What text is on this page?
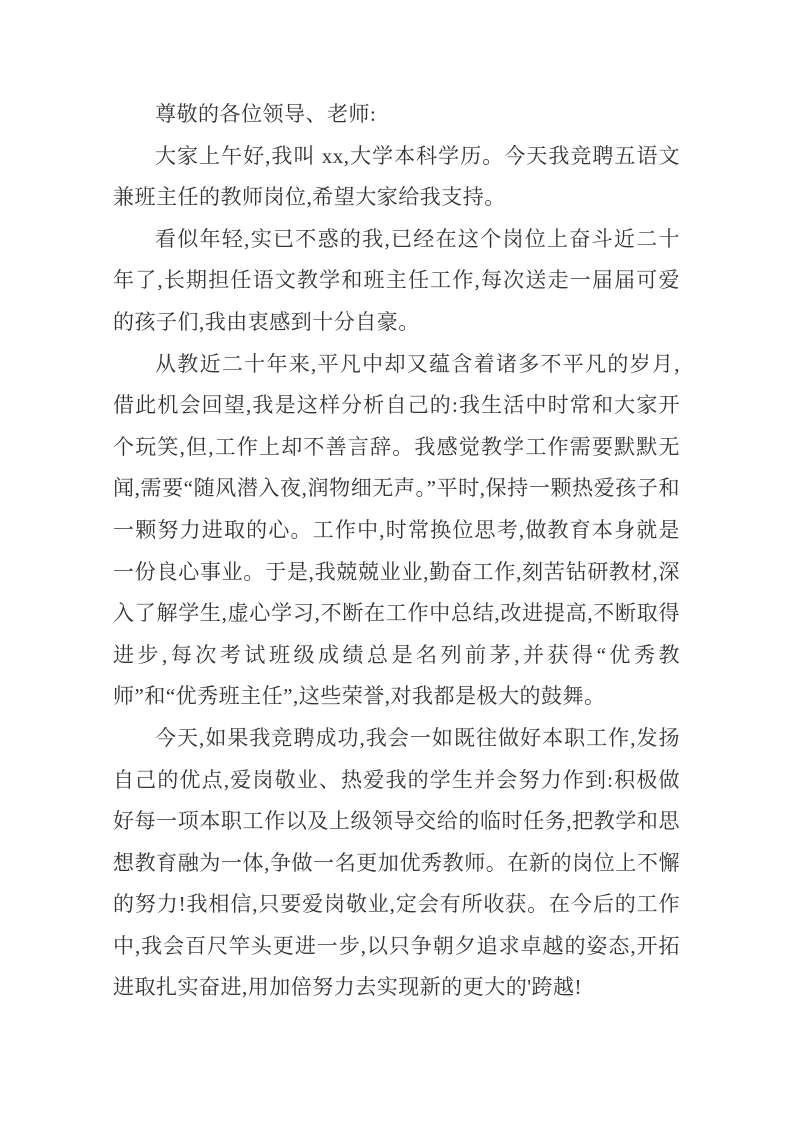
尊敬的各位领导、老师:

大家上午好,我叫 xx,大学本科学历。今天我竞聘五语文兼班主任的教师岗位,希望大家给我支持。

看似年轻,实已不惑的我,已经在这个岗位上奋斗近二十年了,长期担任语文教学和班主任工作,每次送走一届届可爱的孩子们,我由衷感到十分自豪。

从教近二十年来,平凡中却又蕴含着诸多不平凡的岁月,借此机会回望,我是这样分析自己的:我生活中时常和大家开个玩笑,但,工作上却不善言辞。我感觉教学工作需要默默无闻,需要“随风潜入夜,润物细无声。”平时,保持一颗热爱孩子和一颗努力进取的心。工作中,时常换位思考,做教育本身就是一份良心事业。于是,我兢兢业业,勤奋工作,刻苦钻研教材,深入了解学生,虚心学习,不断在工作中总结,改进提高,不断取得进步,每次考试班级成绩总是名列前茅,并获得“优秀教师”和“优秀班主任”,这些荣誉,对我都是极大的鼓舞。

今天,如果我竞聘成功,我会一如既往做好本职工作,发扬自己的优点,爱岗敬业、热爱我的学生并会努力作到:积极做好每一项本职工作以及上级领导交给的临时任务,把教学和思想教育融为一体,争做一名更加优秀教师。在新的岗位上不懈的努力!我相信,只要爱岗敬业,定会有所收获。在今后的工作中,我会百尺竿头更进一步,以只争朝夕追求卓越的姿态,开拓进取扎实奋进,用加倍努力去实现新的更大的'跨越!
